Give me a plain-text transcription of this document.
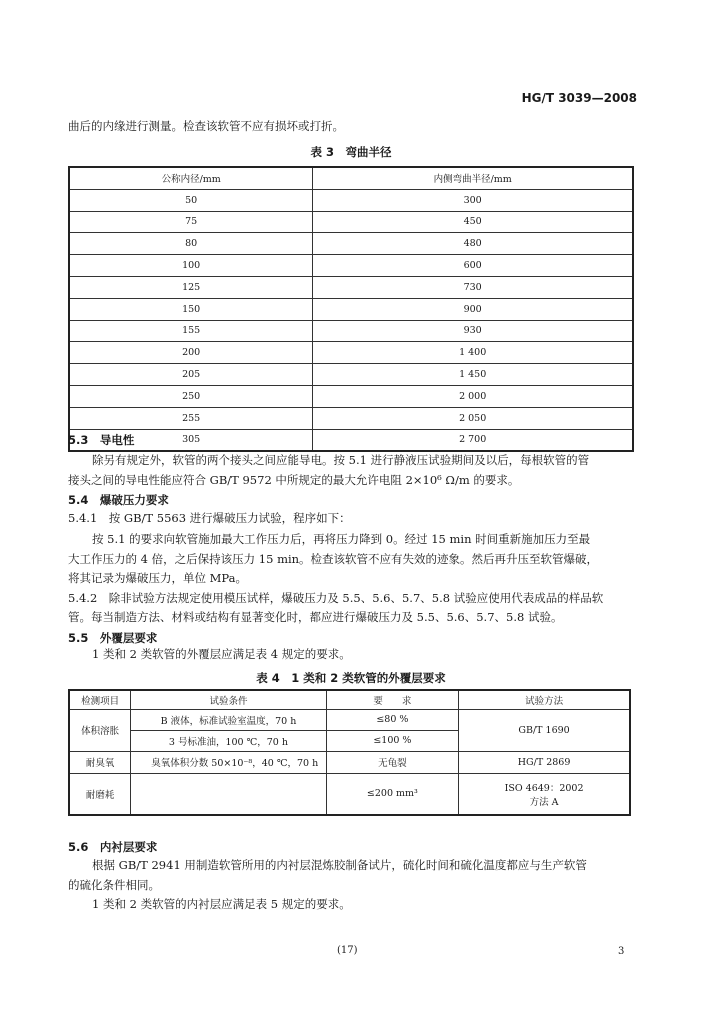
HG/T 3039—2008
曲后的内缘进行测量。检查该软管不应有损坏或打折。
表 3　弯曲半径
公称内径/mm	内侧弯曲半径/mm
50	300
75	450
80	480
100	600
125	730
150	900
155	930
200	1 400
205	1 450
250	2 000
255	2 050
305	2 700
5.3　导电性
除另有规定外，软管的两个接头之间应能导电。按 5.1 进行静液压试验期间及以后，每根软管的管
接头之间的导电性能应符合 GB/T 9572 中所规定的最大允许电阻 2×10⁶ Ω/m 的要求。
5.4　爆破压力要求
5.4.1　按 GB/T 5563 进行爆破压力试验，程序如下：
按 5.1 的要求向软管施加最大工作压力后，再将压力降到 0。经过 15 min 时间重新施加压力至最
大工作压力的 4 倍，之后保持该压力 15 min。检查该软管不应有失效的迹象。然后再升压至软管爆破，
将其记录为爆破压力，单位 MPa。
5.4.2　除非试验方法规定使用模压试样，爆破压力及 5.5、5.6、5.7、5.8 试验应使用代表成品的样品软
管。每当制造方法、材料或结构有显著变化时，都应进行爆破压力及 5.5、5.6、5.7、5.8 试验。
5.5　外覆层要求
1 类和 2 类软管的外覆层应满足表 4 规定的要求。
表 4　1 类和 2 类软管的外覆层要求
检测项目	试验条件	要　　求	试验方法
体积溶胀	B 液体，标准试验室温度，70 h	≤80 %	GB/T 1690
	3 号标准油，100 ℃，70 h	≤100 %	
耐臭氧	臭氧体积分数 50×10⁻⁸，40 ℃，70 h	无龟裂	HG/T 2869
耐磨耗		≤200 mm³	ISO 4649：2002
方法 A
5.6　内衬层要求
根据 GB/T 2941 用制造软管所用的内衬层混炼胶制备试片，硫化时间和硫化温度都应与生产软管
的硫化条件相同。
1 类和 2 类软管的内衬层应满足表 5 规定的要求。
(17)	3
